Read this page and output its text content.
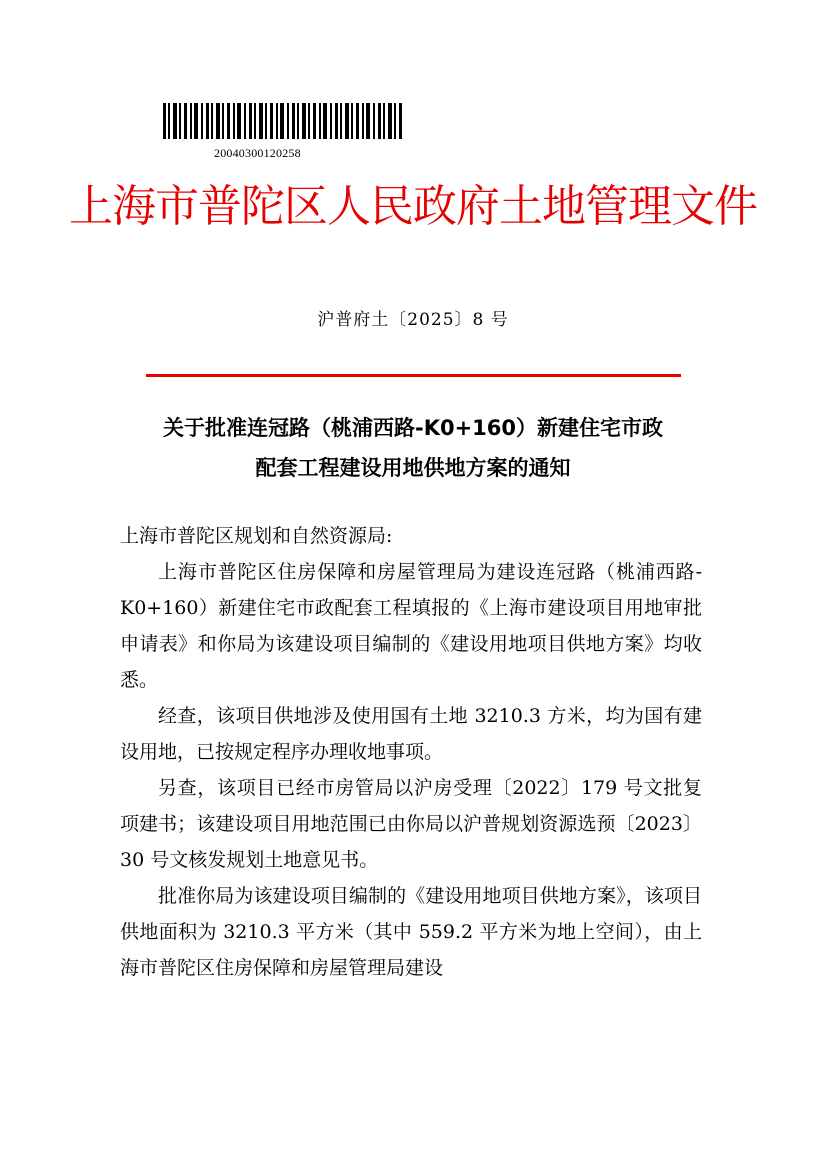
20040300120258
上海市普陀区人民政府土地管理文件
沪普府土〔2025〕8 号
关于批准连冠路（桃浦西路-K0+160）新建住宅市政
配套工程建设用地供地方案的通知

上海市普陀区规划和自然资源局:

上海市普陀区住房保障和房屋管理局为建设连冠路（桃浦西路-K0+160）新建住宅市政配套工程填报的《上海市建设项目用地审批申请表》和你局为该建设项目编制的《建设用地项目供地方案》均收悉。

经查，该项目供地涉及使用国有土地 3210.3 方米，均为国有建设用地，已按规定程序办理收地事项。

另查，该项目已经市房管局以沪房受理〔2022〕179 号文批复项建书；该建设项目用地范围已由你局以沪普规划资源选预〔2023〕30 号文核发规划土地意见书。

批准你局为该建设项目编制的《建设用地项目供地方案》，该项目供地面积为 3210.3 平方米（其中 559.2 平方米为地上空间），由上海市普陀区住房保障和房屋管理局建设
